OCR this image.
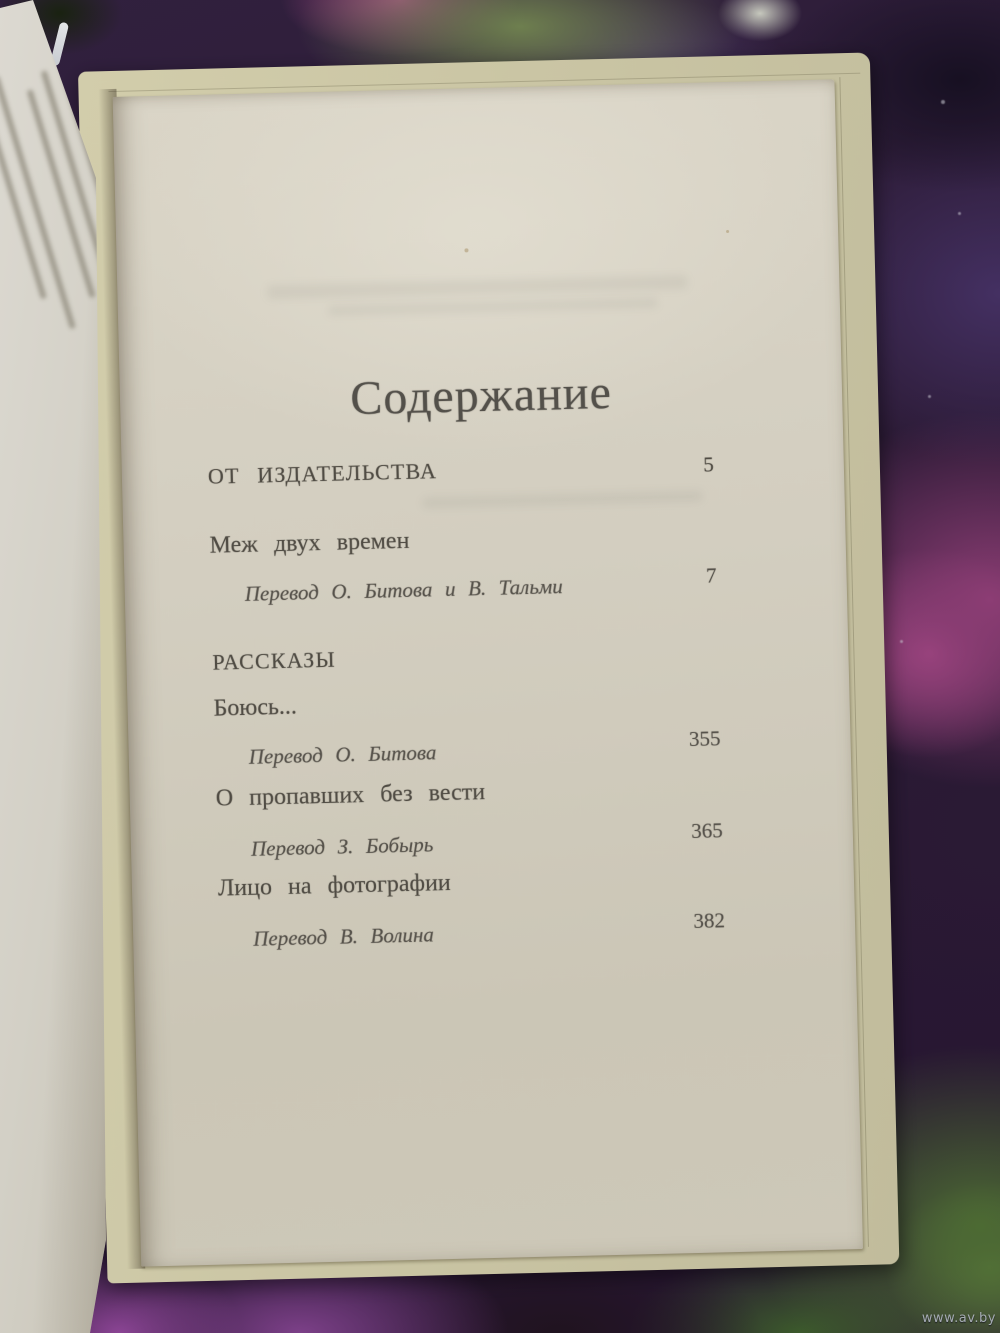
Содержание
ОТ ИЗДАТЕЛЬСТВА	5
Меж двух времен
Перевод О. Битова и В. Тальми	7
РАССКАЗЫ
Боюсь...
Перевод О. Битова
355
О пропавших без вести
Перевод З. Бобырь
365
Лицо на фотографии
Перевод В. Волина
382
www.av.by
